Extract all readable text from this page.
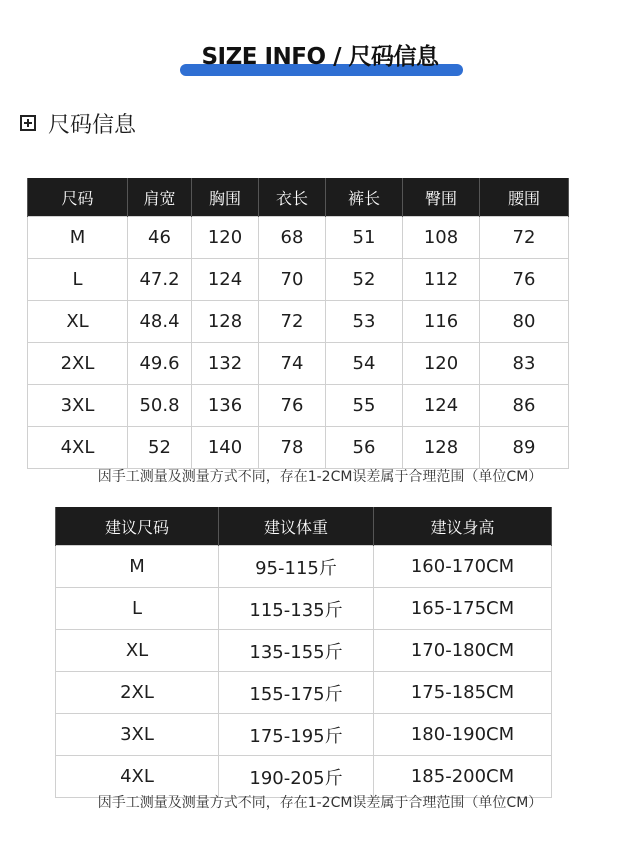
SIZE INFO / 尺码信息
尺码信息
尺码	肩宽	胸围	衣长	裤长	臀围	腰围
M	46	120	68	51	108	72
L	47.2	124	70	52	112	76
XL	48.4	128	72	53	116	80
2XL	49.6	132	74	54	120	83
3XL	50.8	136	76	55	124	86
4XL	52	140	78	56	128	89
因手工测量及测量方式不同，存在1-2CM误差属于合理范围（单位CM）
建议尺码	建议体重	建议身高
M	95-115斤	160-170CM
L	115-135斤	165-175CM
XL	135-155斤	170-180CM
2XL	155-175斤	175-185CM
3XL	175-195斤	180-190CM
4XL	190-205斤	185-200CM
因手工测量及测量方式不同，存在1-2CM误差属于合理范围（单位CM）
